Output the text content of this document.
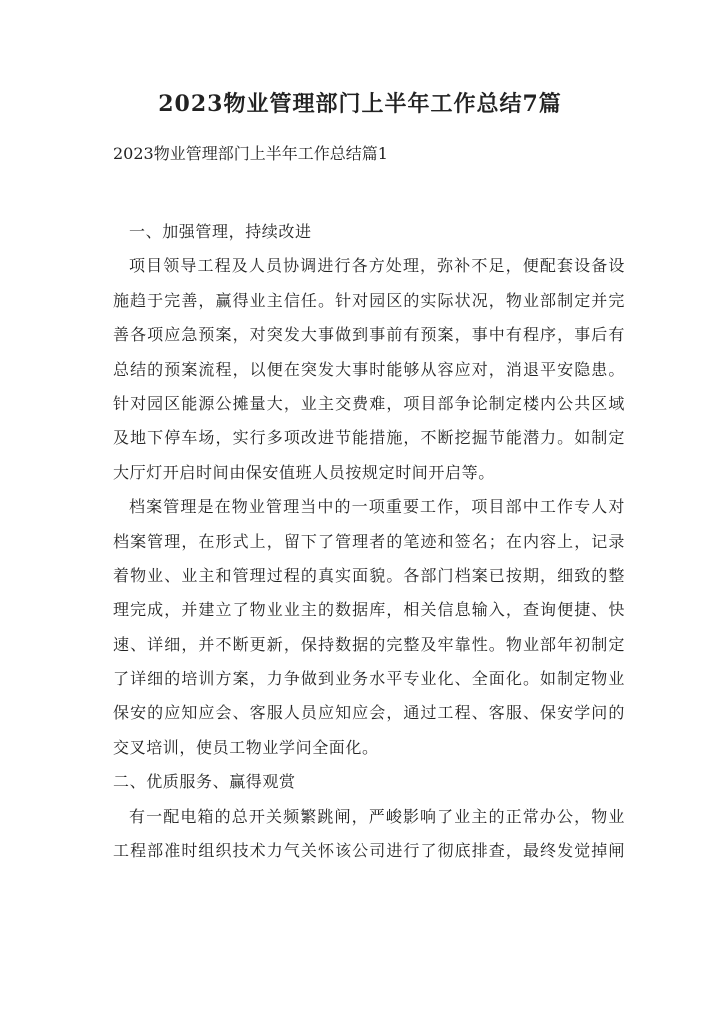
2023物业管理部门上半年工作总结7篇

2023物业管理部门上半年工作总结篇1

一、加强管理，持续改进
项目领导工程及人员协调进行各方处理，弥补不足，便配套设备设
施趋于完善，赢得业主信任。针对园区的实际状况，物业部制定并完
善各项应急预案，对突发大事做到事前有预案，事中有程序，事后有
总结的预案流程，以便在突发大事时能够从容应对，消退平安隐患。
针对园区能源公摊量大，业主交费难，项目部争论制定楼内公共区域
及地下停车场，实行多项改进节能措施，不断挖掘节能潜力。如制定
大厅灯开启时间由保安值班人员按规定时间开启等。
档案管理是在物业管理当中的一项重要工作，项目部中工作专人对
档案管理，在形式上，留下了管理者的笔迹和签名；在内容上，记录
着物业、业主和管理过程的真实面貌。各部门档案已按期，细致的整
理完成，并建立了物业业主的数据库，相关信息输入，查询便捷、快
速、详细，并不断更新，保持数据的完整及牢靠性。物业部年初制定
了详细的培训方案，力争做到业务水平专业化、全面化。如制定物业
保安的应知应会、客服人员应知应会，通过工程、客服、保安学问的
交叉培训，使员工物业学问全面化。
二、优质服务、赢得观赏
有一配电箱的总开关频繁跳闸，严峻影响了业主的正常办公，物业
工程部准时组织技术力气关怀该公司进行了彻底排查，最终发觉掉闸
